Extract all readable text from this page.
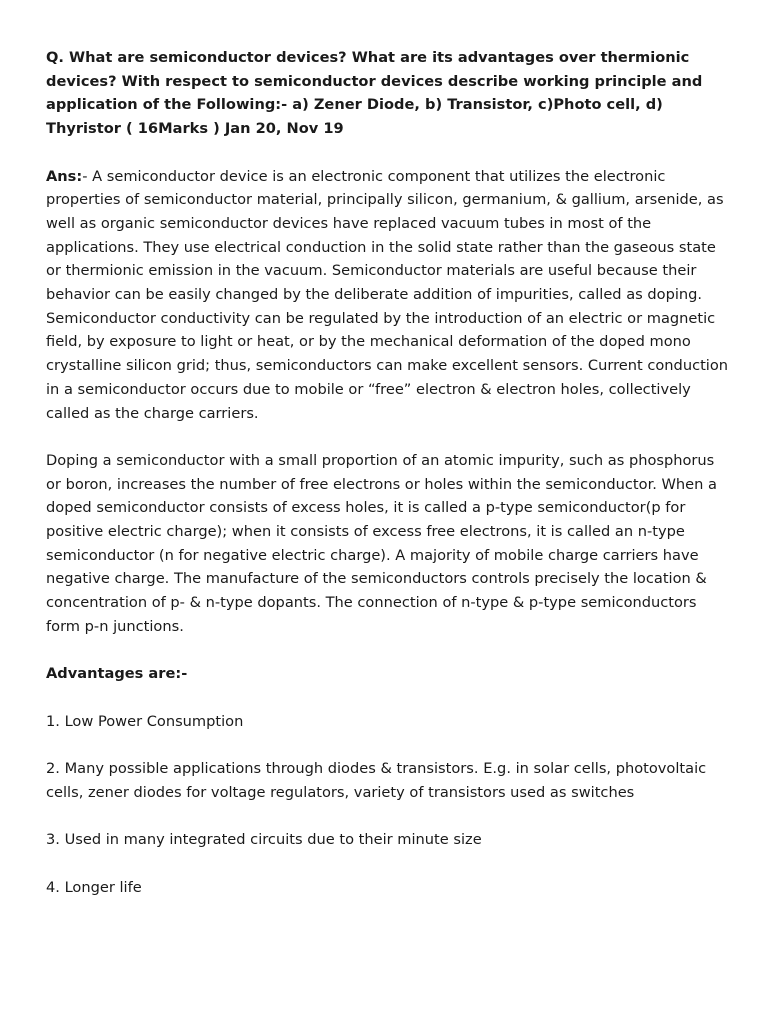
Q. What are semiconductor devices? What are its advantages over thermionic devices? With respect to semiconductor devices describe working principle and application of the Following:- a) Zener Diode, b) Transistor, c)Photo cell, d) Thyristor ( 16Marks ) Jan 20, Nov 19

Ans:- A semiconductor device is an electronic component that utilizes the electronic properties of semiconductor material, principally silicon, germanium, & gallium, arsenide, as well as organic semiconductor devices have replaced vacuum tubes in most of the applications. They use electrical conduction in the solid state rather than the gaseous state or thermionic emission in the vacuum. Semiconductor materials are useful because their behavior can be easily changed by the deliberate addition of impurities, called as doping. Semiconductor conductivity can be regulated by the introduction of an electric or magnetic field, by exposure to light or heat, or by the mechanical deformation of the doped mono crystalline silicon grid; thus, semiconductors can make excellent sensors. Current conduction in a semiconductor occurs due to mobile or “free” electron & electron holes, collectively called as the charge carriers.

Doping a semiconductor with a small proportion of an atomic impurity, such as phosphorus or boron, increases the number of free electrons or holes within the semiconductor. When a doped semiconductor consists of excess holes, it is called a p-type semiconductor(p for positive electric charge); when it consists of excess free electrons, it is called an n-type semiconductor (n for negative electric charge). A majority of mobile charge carriers have negative charge. The manufacture of the semiconductors controls precisely the location & concentration of p- & n-type dopants. The connection of n-type & p-type semiconductors form p-n junctions.

Advantages are:-

1. Low Power Consumption

2. Many possible applications through diodes & transistors. E.g. in solar cells, photovoltaic cells, zener diodes for voltage regulators, variety of transistors used as switches

3. Used in many integrated circuits due to their minute size

4. Longer life
